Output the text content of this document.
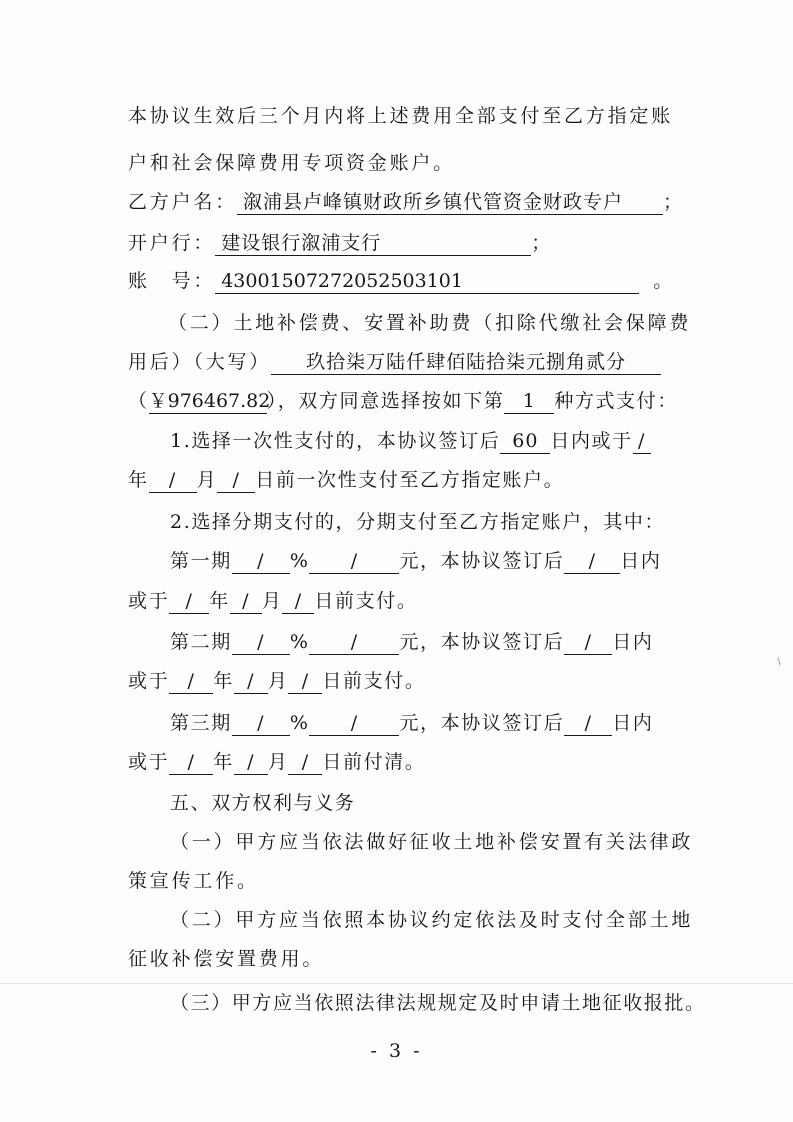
本协议生效后三个月内将上述费用全部支付至乙方指定账
户和社会保障费用专项资金账户。
乙方户名： 溆浦县卢峰镇财政所乡镇代管资金财政专户 ；
开户行： 建设银行溆浦支行	；
账　号： 43001507272052503101	。
（二）土地补偿费、安置补助费（扣除代缴社会保障费
用后）（大写） 玖拾柒万陆仟肆佰陆拾柒元捌角贰分
（￥976467.82），双方同意选择按如下第 1 种方式支付：
1.选择一次性支付的，本协议签订后 60 日内或于 /
年 / 月 / 日前一次性支付至乙方指定账户。
2.选择分期支付的，分期支付至乙方指定账户，其中：
第一期 / % / 元，本协议签订后 / 日内
或于 / 年 / 月 / 日前支付。
第二期 / % / 元，本协议签订后 / 日内
或于 / 年 / 月 / 日前支付。
第三期 / % / 元，本协议签订后 / 日内
或于 / 年 / 月 / 日前付清。
五、双方权利与义务
（一）甲方应当依法做好征收土地补偿安置有关法律政
策宣传工作。
（二）甲方应当依照本协议约定依法及时支付全部土地
征收补偿安置费用。
（三）甲方应当依照法律法规规定及时申请土地征收报批。
∽
- 3 -
